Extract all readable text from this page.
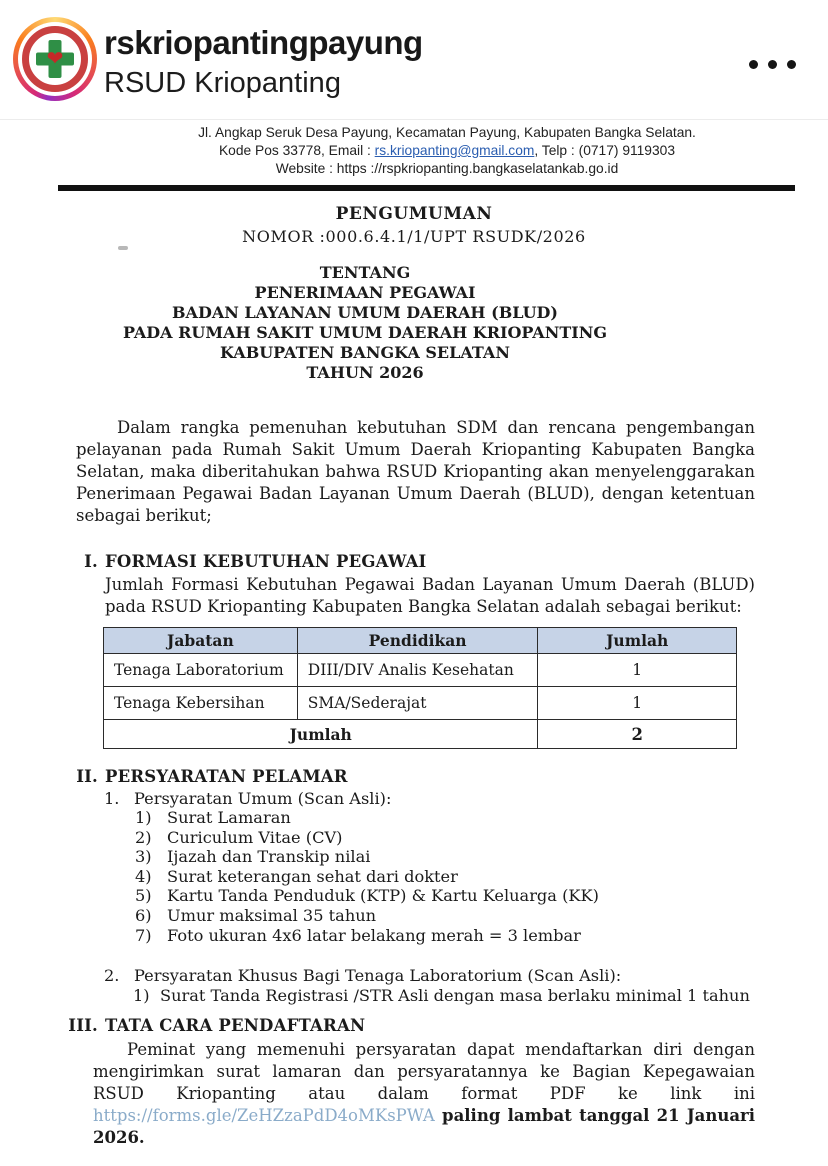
❤ rskriopantingpayung
RSUD Kriopanting
Jl. Angkap Seruk Desa Payung, Kecamatan Payung, Kabupaten Bangka Selatan.
Kode Pos 33778, Email : rs.kriopanting@gmail.com, Telp : (0717) 9119303
Website : https ://rspkriopanting.bangkaselatankab.go.id
PENGUMUMAN
NOMOR :000.6.4.1/1/UPT RSUDK/2026
TENTANG
PENERIMAAN PEGAWAI
BADAN LAYANAN UMUM DAERAH (BLUD)
PADA RUMAH SAKIT UMUM DAERAH KRIOPANTING
KABUPATEN BANGKA SELATAN
TAHUN 2026

Dalam rangka pemenuhan kebutuhan SDM dan rencana pengembangan pelayanan pada Rumah Sakit Umum Daerah Kriopanting Kabupaten Bangka Selatan, maka diberitahukan bahwa RSUD Kriopanting akan menyelenggarakan Penerimaan Pegawai Badan Layanan Umum Daerah (BLUD), dengan ketentuan sebagai berikut;

I. FORMASI KEBUTUHAN PEGAWAI

Jumlah Formasi Kebutuhan Pegawai Badan Layanan Umum Daerah (BLUD) pada RSUD Kriopanting Kabupaten Bangka Selatan adalah sebagai berikut:

Jabatan	Pendidikan	Jumlah
Tenaga Laboratorium	DIII/DIV Analis Kesehatan	1
Tenaga Kebersihan	SMA/Sederajat	1
Jumlah		2
II. PERSYARATAN PELAMAR
1. Persyaratan Umum (Scan Asli):
1) Surat Lamaran
2) Curiculum Vitae (CV)
3) Ijazah dan Transkip nilai
4) Surat keterangan sehat dari dokter
5) Kartu Tanda Penduduk (KTP) & Kartu Keluarga (KK)
6) Umur maksimal 35 tahun
7) Foto ukuran 4x6 latar belakang merah = 3 lembar
2. Persyaratan Khusus Bagi Tenaga Laboratorium (Scan Asli):
1) Surat Tanda Registrasi /STR Asli dengan masa berlaku minimal 1 tahun
III. TATA CARA PENDAFTARAN

Peminat yang memenuhi persyaratan dapat mendaftarkan diri dengan mengirimkan surat lamaran dan persyaratannya ke Bagian Kepegawaian RSUD Kriopanting atau dalam format PDF ke link ini https://forms.gle/ZeHZzaPdD4oMKsPWA paling lambat tanggal 21 Januari 2026.
